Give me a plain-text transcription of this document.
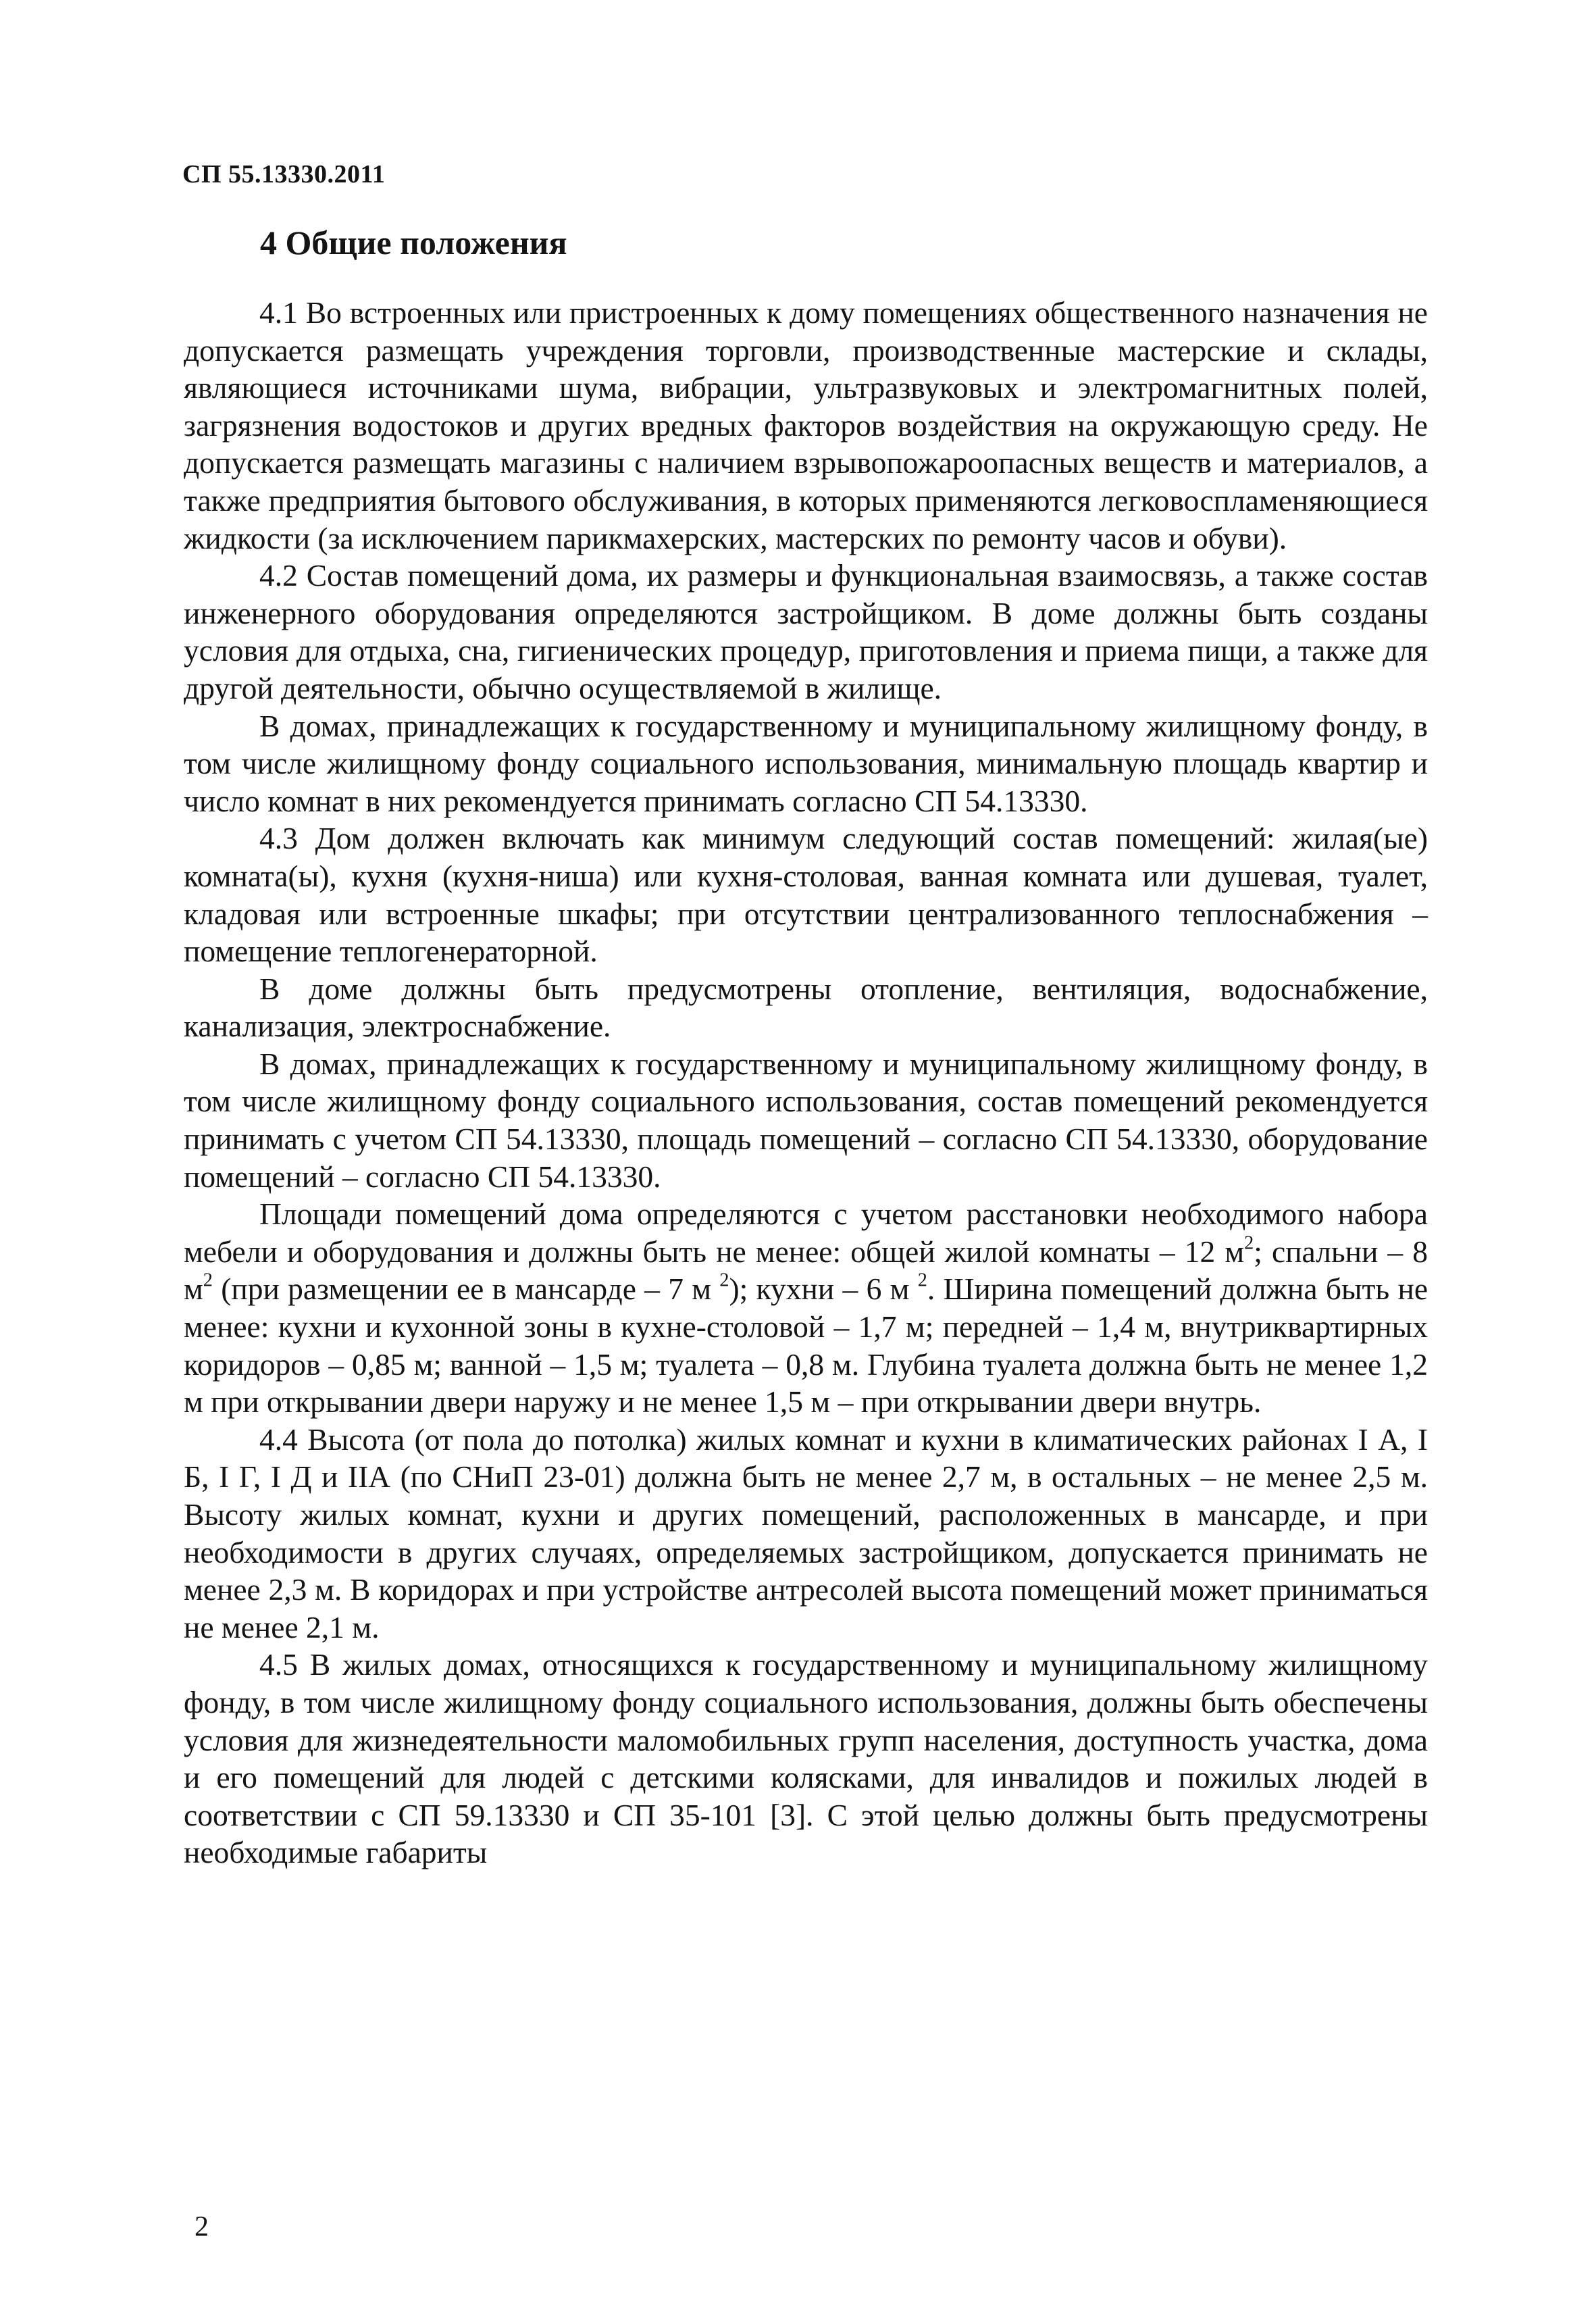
СП 55.13330.2011
4 Общие положения

4.1 Во встроенных или пристроенных к дому помещениях общественного назначения не допускается размещать учреждения торговли, производственные мастерские и склады, являющиеся источниками шума, вибрации, ультразвуковых и электромагнитных полей, загрязнения водостоков и других вредных факторов воздействия на окружающую среду. Не допускается размещать магазины с наличием взрывопожароопасных веществ и материалов, а также предприятия бытового обслуживания, в которых применяются легковоспламеняющиеся жидкости (за исключением парикмахерских, мастерских по ремонту часов и обуви).

4.2 Состав помещений дома, их размеры и функциональная взаимосвязь, а также состав инженерного оборудования определяются застройщиком. В доме должны быть созданы условия для отдыха, сна, гигиенических процедур, приготовления и приема пищи, а также для другой деятельности, обычно осуществляемой в жилище.

В домах, принадлежащих к государственному и муниципальному жилищному фонду, в том числе жилищному фонду социального использования, минимальную площадь квартир и число комнат в них рекомендуется принимать согласно СП 54.13330.

4.3 Дом должен включать как минимум следующий состав помещений: жилая(ые) комната(ы), кухня (кухня-ниша) или кухня-столовая, ванная комната или душевая, туалет, кладовая или встроенные шкафы; при отсутствии централизованного теплоснабжения – помещение теплогенераторной.

В доме должны быть предусмотрены отопление, вентиляция, водоснабжение, канализация, электроснабжение.

В домах, принадлежащих к государственному и муниципальному жилищному фонду, в том числе жилищному фонду социального использования, состав помещений рекомендуется принимать с учетом СП 54.13330, площадь помещений – согласно СП 54.13330, оборудование помещений – согласно СП 54.13330.

Площади помещений дома определяются с учетом расстановки необходимого набора мебели и оборудования и должны быть не менее: общей жилой комнаты – 12 $м^2$; спальни – 8 $м^2$ (при размещении ее в мансарде – 7 м $^2$); кухни – 6 м $^2$. Ширина помещений должна быть не менее: кухни и кухонной зоны в кухне-столовой – 1,7 м; передней – 1,4 м, внутриквартирных коридоров – 0,85 м; ванной – 1,5 м; туалета – 0,8 м. Глубина туалета должна быть не менее 1,2 м при открывании двери наружу и не менее 1,5 м – при открывании двери внутрь.

4.4 Высота (от пола до потолка) жилых комнат и кухни в климатических районах I А, I Б, I Г, I Д и IIА (по СНиП 23-01) должна быть не менее 2,7 м, в остальных – не менее 2,5 м. Высоту жилых комнат, кухни и других помещений, расположенных в мансарде, и при необходимости в других случаях, определяемых застройщиком, допускается принимать не менее 2,3 м. В коридорах и при устройстве антресолей высота помещений может приниматься не менее 2,1 м.

4.5 В жилых домах, относящихся к государственному и муниципальному жилищному фонду, в том числе жилищному фонду социального использования, должны быть обеспечены условия для жизнедеятельности маломобильных групп населения, доступность участка, дома и его помещений для людей с детскими колясками, для инвалидов и пожилых людей в соответствии с СП 59.13330 и СП 35-101 [3]. С этой целью должны быть предусмотрены необходимые габариты

2
